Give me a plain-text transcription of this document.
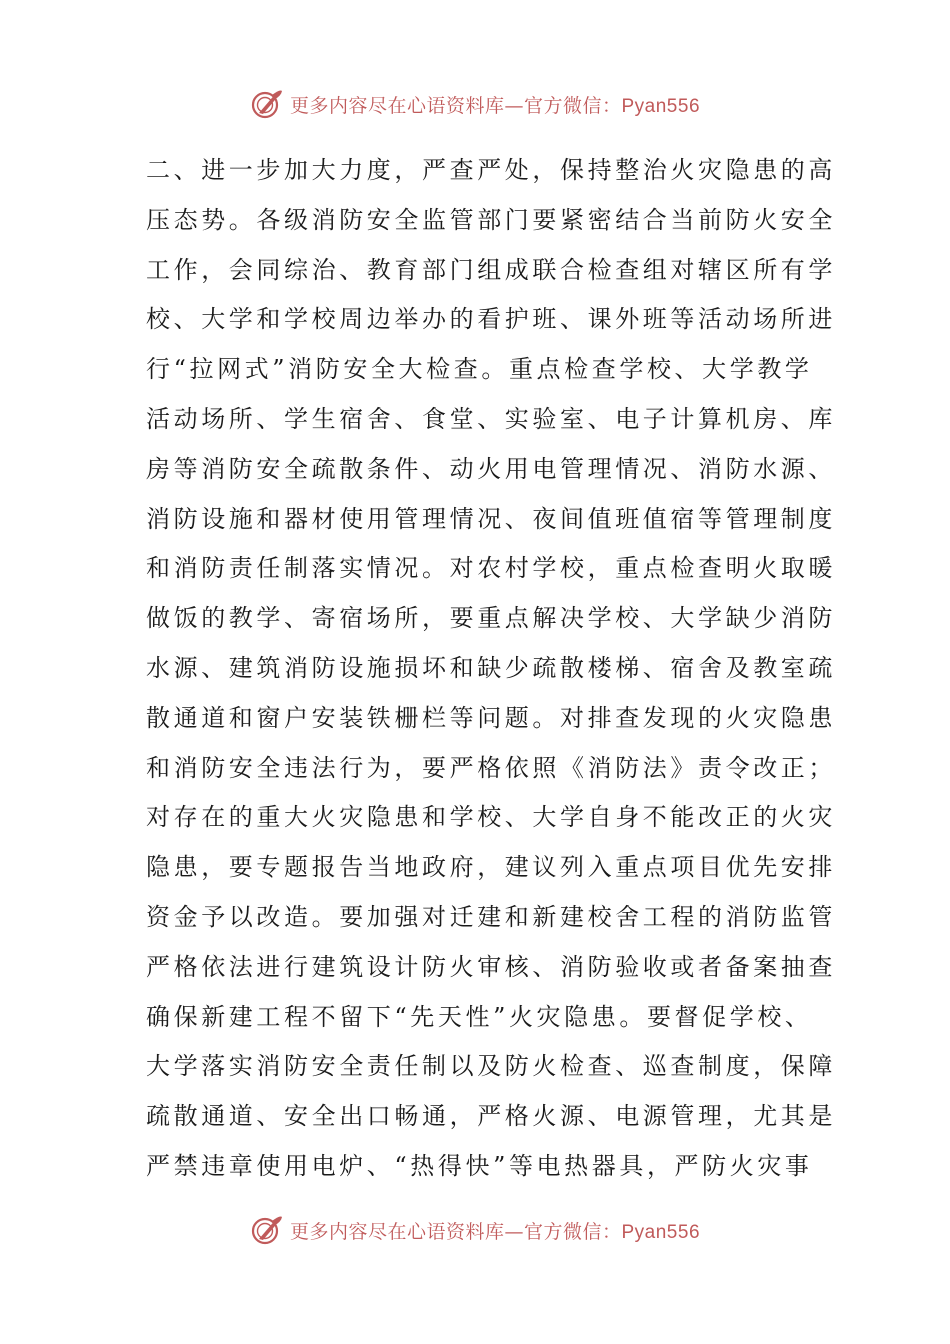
更多内容尽在心语资料库—官方微信：Pyan556
二、进一步加大力度，严查严处，保持整治火灾隐患的高
压态势。各级消防安全监管部门要紧密结合当前防火安全
工作，会同综治、教育部门组成联合检查组对辖区所有学
校、大学和学校周边举办的看护班、课外班等活动场所进
行“拉网式”消防安全大检查。重点检查学校、大学教学
活动场所、学生宿舍、食堂、实验室、电子计算机房、库
房等消防安全疏散条件、动火用电管理情况、消防水源、
消防设施和器材使用管理情况、夜间值班值宿等管理制度
和消防责任制落实情况。对农村学校，重点检查明火取暖
做饭的教学、寄宿场所，要重点解决学校、大学缺少消防
水源、建筑消防设施损坏和缺少疏散楼梯、宿舍及教室疏
散通道和窗户安装铁栅栏等问题。对排查发现的火灾隐患
和消防安全违法行为，要严格依照《消防法》责令改正；
对存在的重大火灾隐患和学校、大学自身不能改正的火灾
隐患，要专题报告当地政府，建议列入重点项目优先安排
资金予以改造。要加强对迁建和新建校舍工程的消防监管
严格依法进行建筑设计防火审核、消防验收或者备案抽查
确保新建工程不留下“先天性”火灾隐患。要督促学校、
大学落实消防安全责任制以及防火检查、巡查制度，保障
疏散通道、安全出口畅通，严格火源、电源管理，尤其是
严禁违章使用电炉、“热得快”等电热器具，严防火灾事
更多内容尽在心语资料库—官方微信：Pyan556
